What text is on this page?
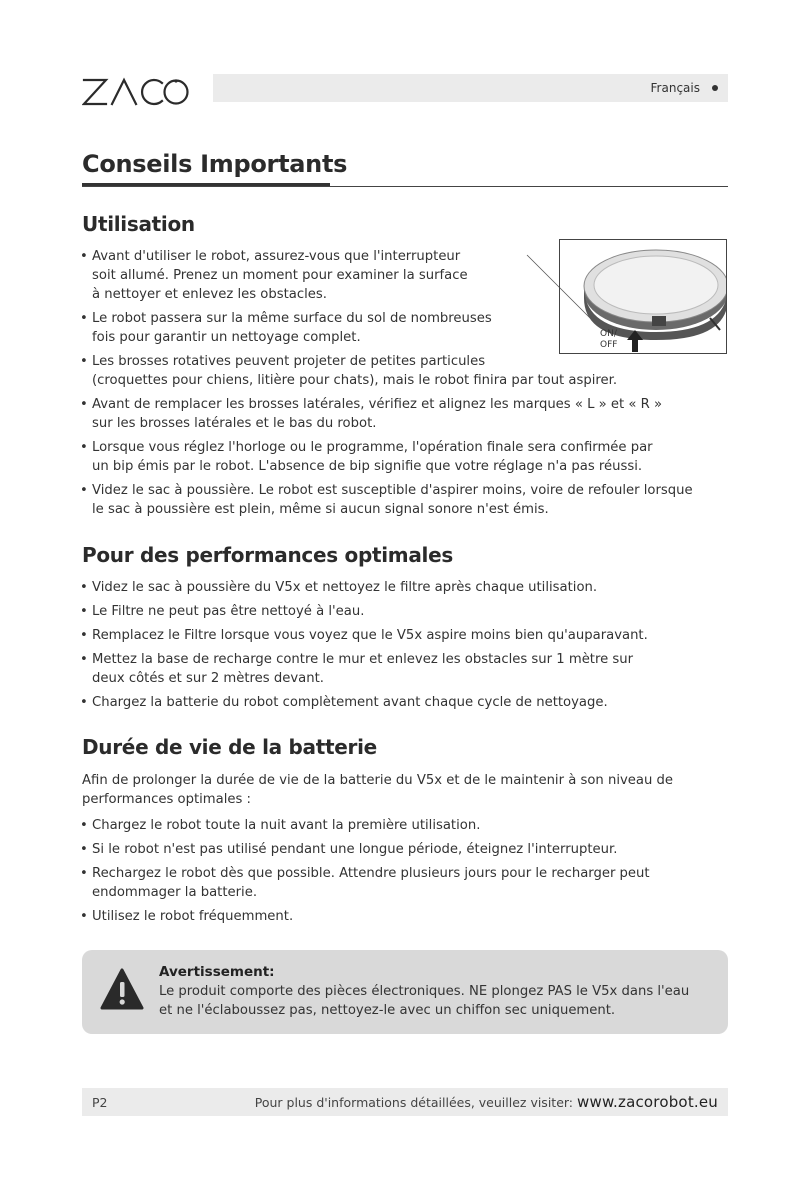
Français
Conseils Importants
Utilisation
• Avant d'utiliser le robot, assurez-vous que l'interrupteur
soit allumé. Prenez un moment pour examiner la surface
à nettoyer et enlevez les obstacles.
• Le robot passera sur la même surface du sol de nombreuses
fois pour garantir un nettoyage complet.
• Les brosses rotatives peuvent projeter de petites particules
(croquettes pour chiens, litière pour chats), mais le robot finira par tout aspirer.
• Avant de remplacer les brosses latérales, vérifiez et alignez les marques « L » et « R »
sur les brosses latérales et le bas du robot.
• Lorsque vous réglez l'horloge ou le programme, l'opération finale sera confirmée par
un bip émis par le robot. L'absence de bip signifie que votre réglage n'a pas réussi.
• Videz le sac à poussière. Le robot est susceptible d'aspirer moins, voire de refouler lorsque
le sac à poussière est plein, même si aucun signal sonore n'est émis.
ON/
OFF
Pour des performances optimales
• Videz le sac à poussière du V5x et nettoyez le filtre après chaque utilisation.
• Le Filtre ne peut pas être nettoyé à l'eau.
• Remplacez le Filtre lorsque vous voyez que le V5x aspire moins bien qu'auparavant.
• Mettez la base de recharge contre le mur et enlevez les obstacles sur 1 mètre sur
deux côtés et sur 2 mètres devant.
• Chargez la batterie du robot complètement avant chaque cycle de nettoyage.
Durée de vie de la batterie

Afin de prolonger la durée de vie de la batterie du V5x et de le maintenir à son niveau de
performances optimales :

• Chargez le robot toute la nuit avant la première utilisation.
• Si le robot n'est pas utilisé pendant une longue période, éteignez l'interrupteur.
• Rechargez le robot dès que possible. Attendre plusieurs jours pour le recharger peut
endommager la batterie.
• Utilisez le robot fréquemment.
Avertissement:

Le produit comporte des pièces électroniques. NE plongez PAS le V5x dans l'eau
et ne l'éclaboussez pas, nettoyez-le avec un chiffon sec uniquement.

P2	Pour plus d'informations détaillées, veuillez visiter: www.zacorobot.eu
